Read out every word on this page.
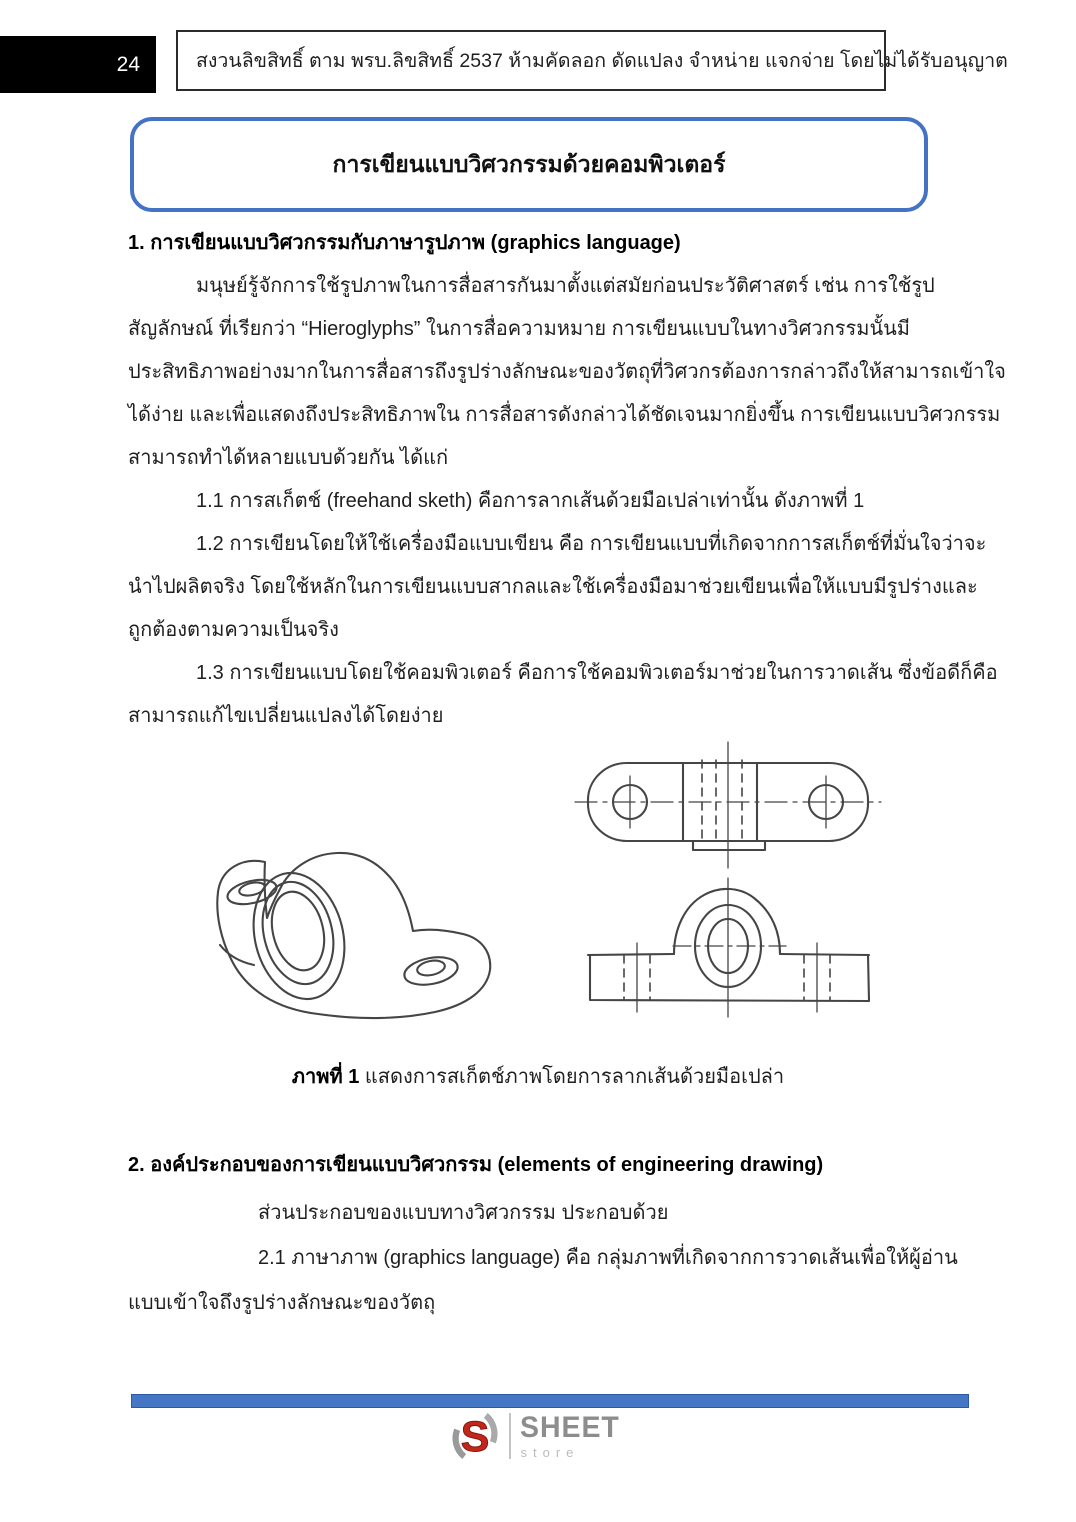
24	สงวนลิขสิทธิ์ ตาม พรบ.ลิขสิทธิ์ 2537 ห้ามคัดลอก ดัดแปลง จำหน่าย แจกจ่าย โดยไม่ได้รับอนุญาต
การเขียนแบบวิศวกรรมด้วยคอมพิวเตอร์
1. การเขียนแบบวิศวกรรมกับภาษารูปภาพ (graphics language)
มนุษย์รู้จักการใช้รูปภาพในการสื่อสารกันมาตั้งแต่สมัยก่อนประวัติศาสตร์ เช่น การใช้รูป
สัญลักษณ์ ที่เรียกว่า “Hieroglyphs” ในการสื่อความหมาย การเขียนแบบในทางวิศวกรรมนั้นมี
ประสิทธิภาพอย่างมากในการสื่อสารถึงรูปร่างลักษณะของวัตถุที่วิศวกรต้องการกล่าวถึงให้สามารถเข้าใจ
ได้ง่าย และเพื่อแสดงถึงประสิทธิภาพใน การสื่อสารดังกล่าวได้ชัดเจนมากยิ่งขึ้น การเขียนแบบวิศวกรรม
สามารถทำได้หลายแบบด้วยกัน ได้แก่
1.1 การสเก็ตช์ (freehand sketh) คือการลากเส้นด้วยมือเปล่าเท่านั้น ดังภาพที่ 1
1.2 การเขียนโดยให้ใช้เครื่องมือแบบเขียน คือ การเขียนแบบที่เกิดจากการสเก็ตช์ที่มั่นใจว่าจะ
นำไปผลิตจริง โดยใช้หลักในการเขียนแบบสากลและใช้เครื่องมือมาช่วยเขียนเพื่อให้แบบมีรูปร่างและ
ถูกต้องตามความเป็นจริง
1.3 การเขียนแบบโดยใช้คอมพิวเตอร์ คือการใช้คอมพิวเตอร์มาช่วยในการวาดเส้น ซึ่งข้อดีก็คือ
สามารถแก้ไขเปลี่ยนแปลงได้โดยง่าย
ภาพที่ 1 แสดงการสเก็ตช์ภาพโดยการลากเส้นด้วยมือเปล่า
2. องค์ประกอบของการเขียนแบบวิศวกรรม (elements of engineering drawing)
ส่วนประกอบของแบบทางวิศวกรรม ประกอบด้วย
2.1 ภาษาภาพ (graphics language) คือ กลุ่มภาพที่เกิดจากการวาดเส้นเพื่อให้ผู้อ่าน
แบบเข้าใจถึงรูปร่างลักษณะของวัตถุ
S SHEET
store
